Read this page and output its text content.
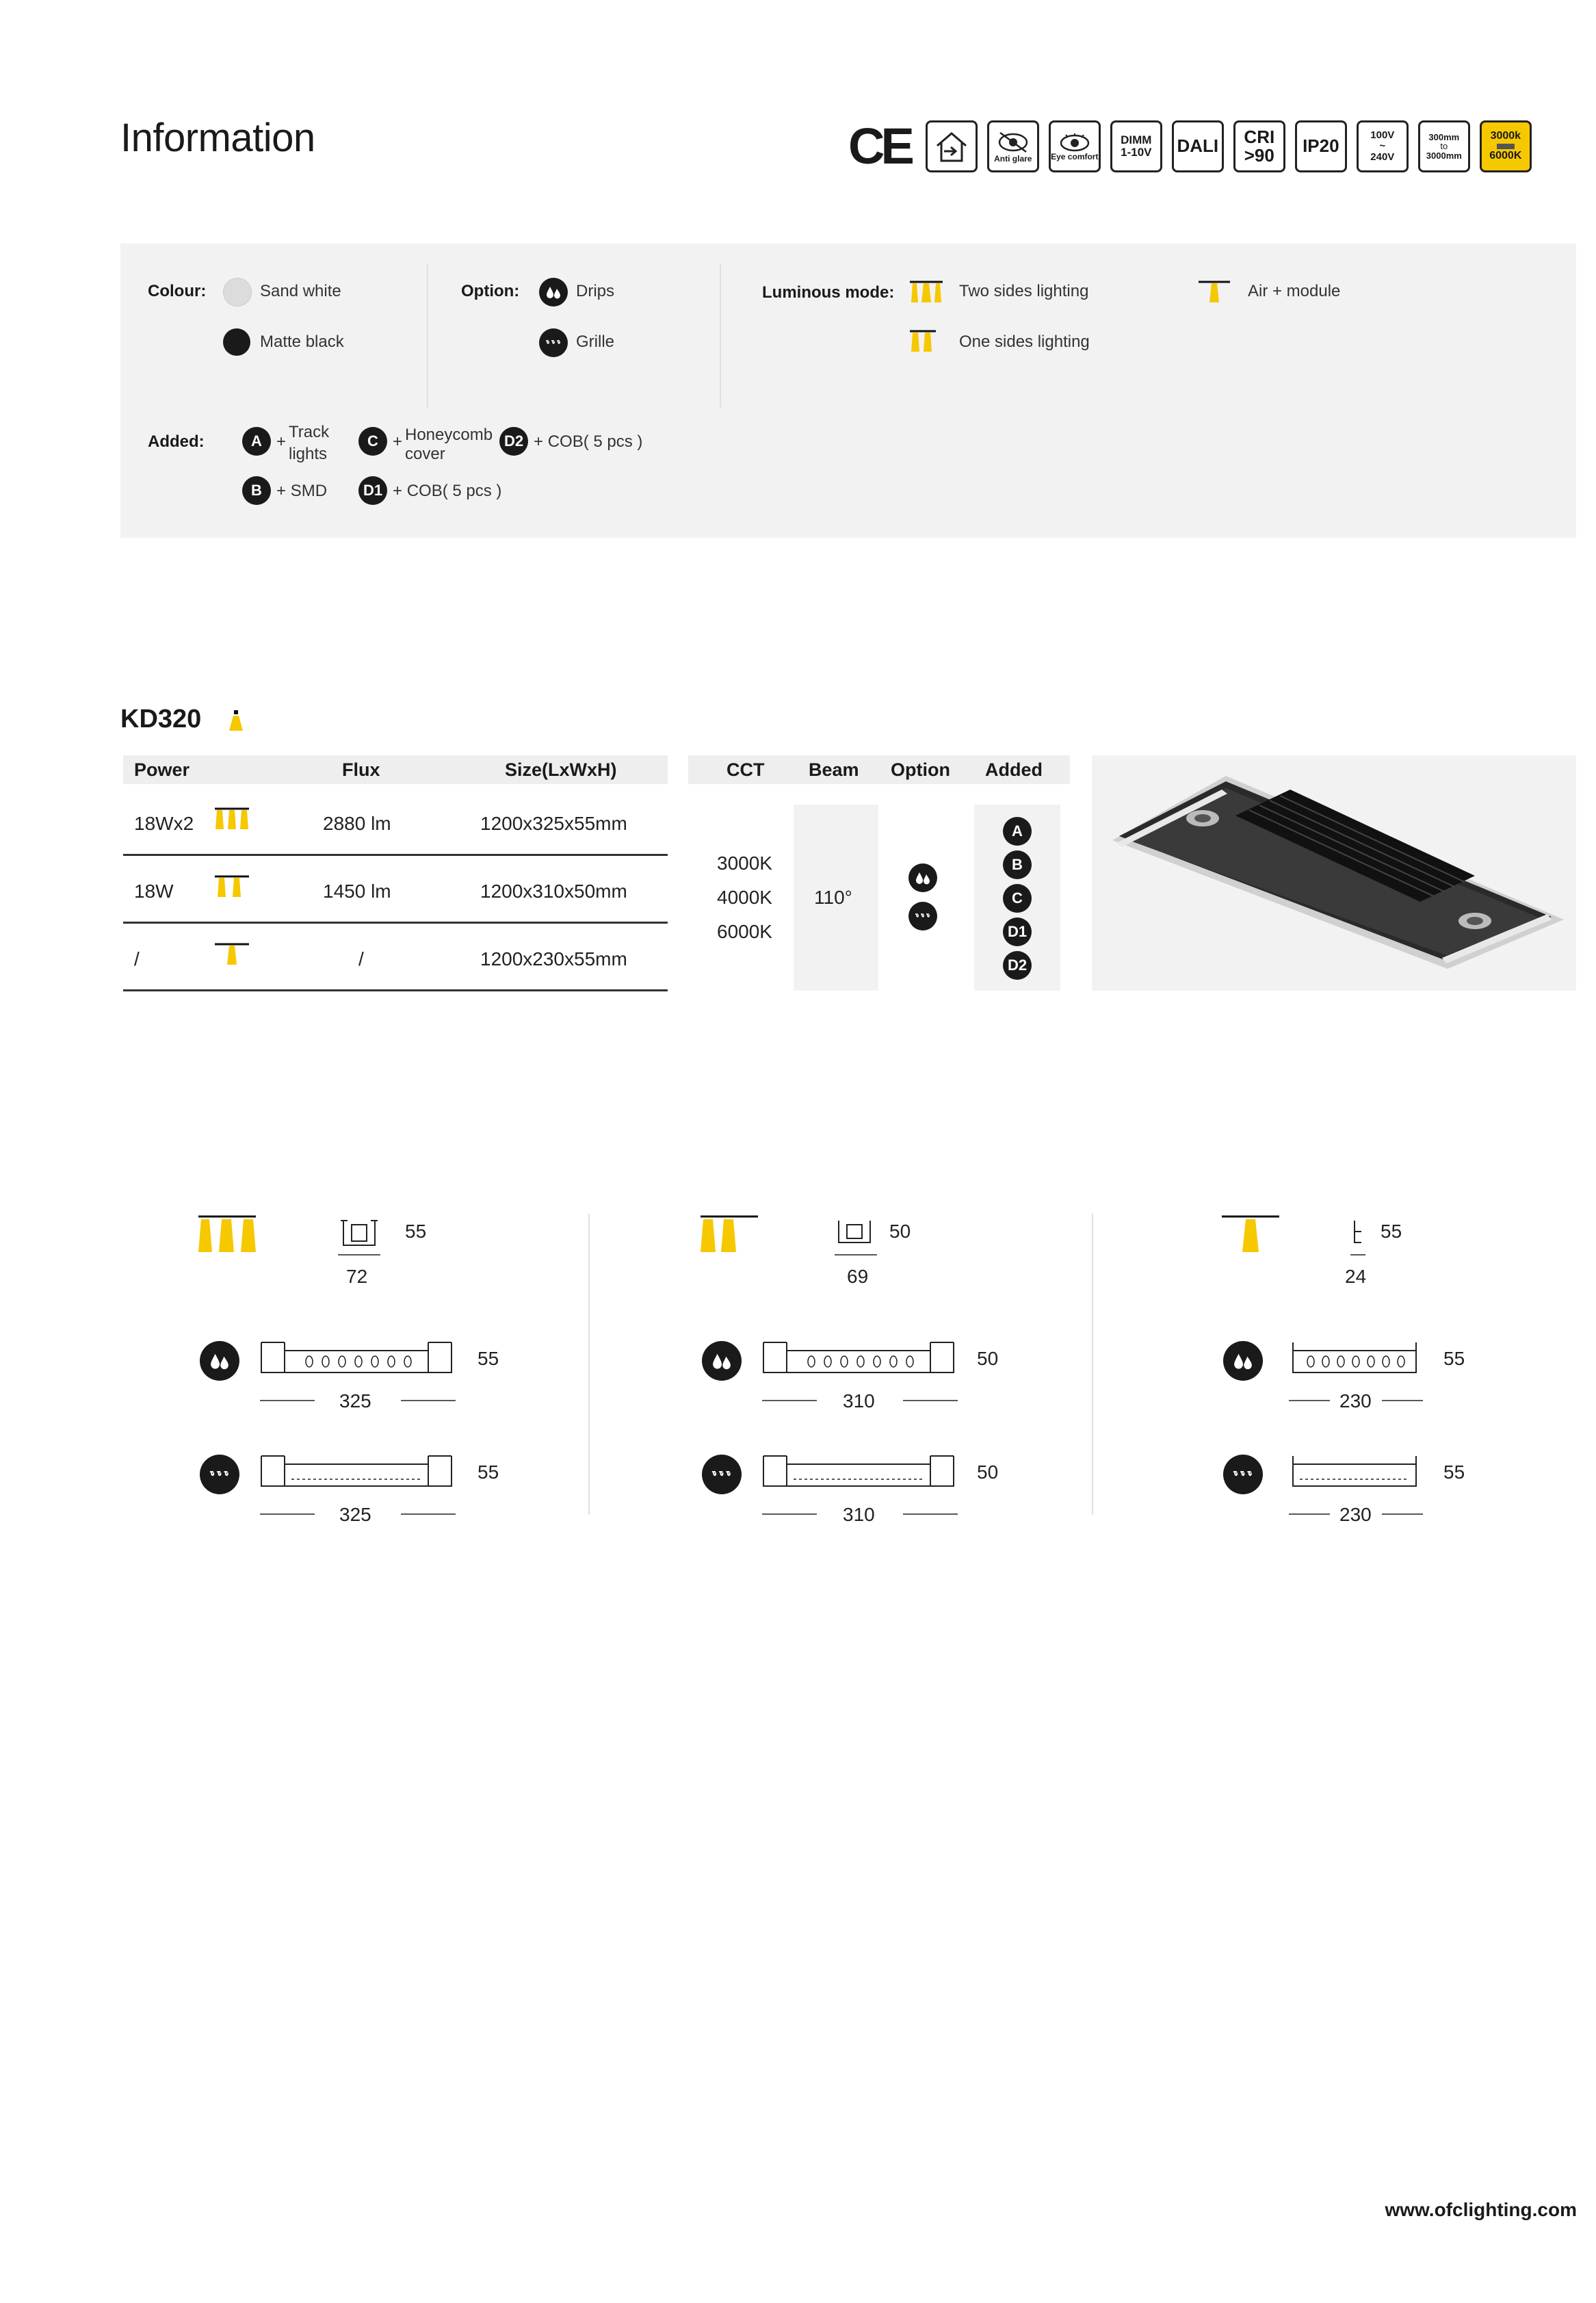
Information	CE	Anti glare Eye comfort
DIMM
1-10V DALI CRI
>90	IP20
100V
~
240V
300mm
to
3000mm
3000k
6000K
Colour:	Sand white
Matte black
Option:	Drips
Grille
Luminous mode:	Two sides lighting
One sides lighting
Air + module
Added:	A +
Track
lights
C + Honeycomb
cover
D2 + COB( 5 pcs )
B + SMD	D1 + COB( 5 pcs )
KD320
Power	Flux	Size(LxWxH)	CCT Beam Option Added
18Wx2	2880 lm	1200x325x55mm
18W	1450 lm	1200x310x50mm
/	/	1200x230x55mm
3000K
4000K
6000K
110°
A
B
C
D1
D2
55
72
55
325
55
325
50
69
50
310
50
310
55
24
55
230
55
230
www.ofclighting.com
